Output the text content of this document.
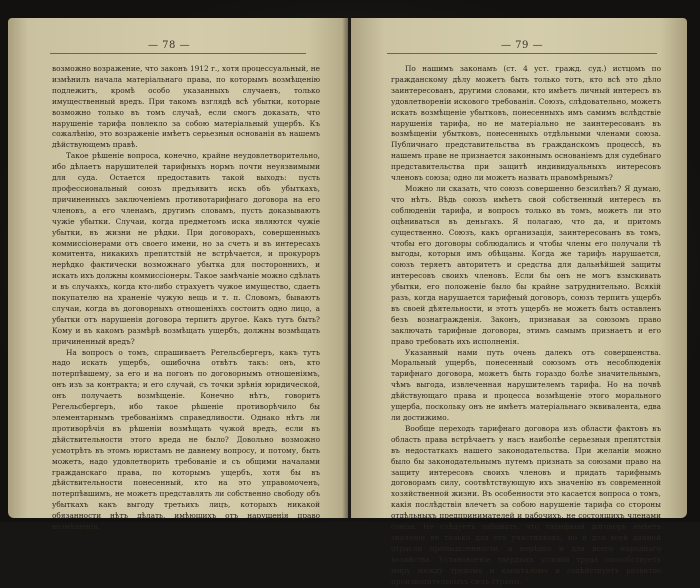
— 78 —

возможно возражение, что законъ 1912 г., хотя процессуальный, не измѣнилъ начала матеріальнаго права, по которымъ возмѣщенію подлежитъ, кромѣ особо указанныхъ случаевъ, только имущественный вредъ. При такомъ взглядѣ всѣ убытки, которые возможно только въ томъ случаѣ, если смогъ доказать, что нарушеніе тарифа повлекло за собою матеріальный ущербъ. Къ сожалѣнію, это возраженіе имѣетъ серьезныя основанія въ нашемъ дѣйствующемъ правѣ.

Такое рѣшеніе вопроса, конечно, крайне неудовлетворительно, ибо дѣлаетъ нарушителей тарифныхъ нормъ почти неуязвимыми для суда. Остается предоставить такой выходъ: пусть профессиональный союзъ предъявитъ искъ объ убыткахъ, причиненныхъ заключеніемъ противотарифнаго договора на его членовъ, а его членамъ, другимъ словамъ, пусть доказываютъ чужіе убытки. Случаи, когда предметомъ иска являются чужіе убытки, въ жизни не рѣдки. При договорахъ, совершенныхъ коммиссіонерами отъ своего имени, но за счетъ и въ интересахъ комитента, никакихъ препятствій не встрѣчается, и прокуроръ нерѣдко фактически возможнаго убытка для постороннихъ, и искать ихъ должны коммиссіонеры. Такое замѣчаніе можно сдѣлать и въ случаяхъ, когда кто-либо страхуетъ чужое имущество, сдаетъ покупателю на храненіе чужую вещь и т. п. Словомъ, бываютъ случаи, когда въ договорныхъ отношеніяхъ состоитъ одно лицо, а убытки отъ нарушенія договора терпитъ другое. Какъ тутъ быть? Кому и въ какомъ размѣрѣ возмѣщать ущербъ, должны возмѣщать причиненный вредъ?

На вопросъ о томъ, спрашиваетъ Регельсбергеръ, какъ тутъ надо искать ущербъ, ошибочна отвѣтъ такъ: онъ, кто потерпѣвшему, за его и на погонъ по договорнымъ отношеніямъ, онъ изъ за контракта; и его случай, съ точки зрѣнія юридической, онъ получаетъ возмѣщеніе. Конечно нѣтъ, говоритъ Регельсбергеръ, ибо такое рѣшеніе противорѣчило бы элементарнымъ требованіямъ справедливости. Однако нѣтъ ли противорѣчія въ рѣшеніи возмѣщать чужой вредъ, если въ дѣйствительности этого вреда не было? Довольно возможно усмотрѣть въ этомъ юристамъ не давнему вопросу, и потому, быть можетъ, надо удовлетворить требованіе и съ общими началами гражданскаго права, по которымъ ущербъ, хотя бы въ дѣйствительности понесенный, кто на это управомоченъ, потерпѣвшимъ, не можетъ представлять ли собственно свободу объ убыткахъ какъ выгоду третьихъ лицъ, которыхъ никакой обязанности нѣтъ дѣлать, имѣющихъ отъ нарушенія право возмѣщенія.

— 79 —

По нашимъ законамъ (ст. 4 уст. гражд. суд.) истцомъ по гражданскому дѣлу можетъ быть только тотъ, кто всѣ это дѣло заинтересованъ, другими словами, кто имѣетъ личный интересъ въ удовлетвореніи искового требованія. Союзъ, слѣдовательно, можетъ искать возмѣщеніе убытковъ, понесенныхъ имъ самимъ вслѣдствіе нарушенія тарифа, но не матеріально не заинтересованъ въ возмѣщеніи убытковъ, понесенныхъ отдѣльными членами союза. Публичнаго представительства въ гражданскомъ процессѣ, въ нашемъ праве не признается законнымъ основаніемъ для судебнаго представительства при защитѣ индивидуальныхъ интересовъ членовъ союза; одно ли можетъ назвать правомѣрнымъ?

Можно ли сказать, что союзъ совершенно безсилѣнъ? Я думаю, что нѣтъ. Вѣдь союзъ имѣетъ свой собственный интересъ въ соблюденіи тарифа, и вопросъ только въ томъ, можетъ ли это оцѣниваться въ деньгахъ. Я полагаю, что да, и притомъ существенно. Союзъ, какъ организація, заинтересованъ въ томъ, чтобы его договоры соблюдались и чтобы члены его получали тѣ выгоды, которыя имъ обѣщаны. Когда же тарифъ нарушается, союзъ теряетъ авторитетъ и средства для дальнѣйшей защиты интересовъ своихъ членовъ. Если бы онъ не могъ взыскивать убытки, его положеніе было бы крайне затруднительно. Всякій разъ, когда нарушается тарифный договоръ, союзъ терпитъ ущербъ въ своей дѣятельности, и этотъ ущербъ не можетъ быть оставленъ безъ вознагражденія. Законъ, признавая за союзомъ право заключать тарифные договоры, этимъ самымъ признаетъ и его право требовать ихъ исполненія.

Указанный нами путь очень далекъ отъ совершенства. Моральный ущербъ, понесенный союзомъ отъ несоблюденія тарифнаго договора, можетъ быть гораздо болѣе значительнымъ, чѣмъ выгода, извлеченная нарушителемъ тарифа. Но на почвѣ дѣйствующаго права и процесса возмѣщеніе этого морального ущерба, поскольку онъ не имѣетъ матеріальнаго эквивалента, едва ли достижимо.

Вообще переходъ тарифнаго договора изъ области фактовъ въ область права встрѣчаетъ у насъ наиболѣе серьезныя препятствія въ недостаткахъ нашего законодательства. При желаніи можно было бы законодательнымъ путемъ признать за союзами право на защиту интересовъ своихъ членовъ и придать тарифнымъ договорамъ силу, соотвѣтствующую ихъ значенію въ современной хозяйственной жизни. Въ особенности это касается вопроса о томъ, какія послѣдствія влечетъ за собою нарушеніе тарифа со стороны отдѣльныхъ предпринимателей и рабочихъ, не состоящихъ членами союза. Не слѣдуетъ забывать, что тарифный договоръ имѣетъ значеніе не только для его участниковъ, но и для всей данной отрасли промышленности, а нерѣдко и для всего народнаго хозяйства. Установленіе твердыхъ условій труда способствуетъ миру между трудомъ и капиталомъ и содѣйствуетъ развитію производительныхъ силъ страны.
